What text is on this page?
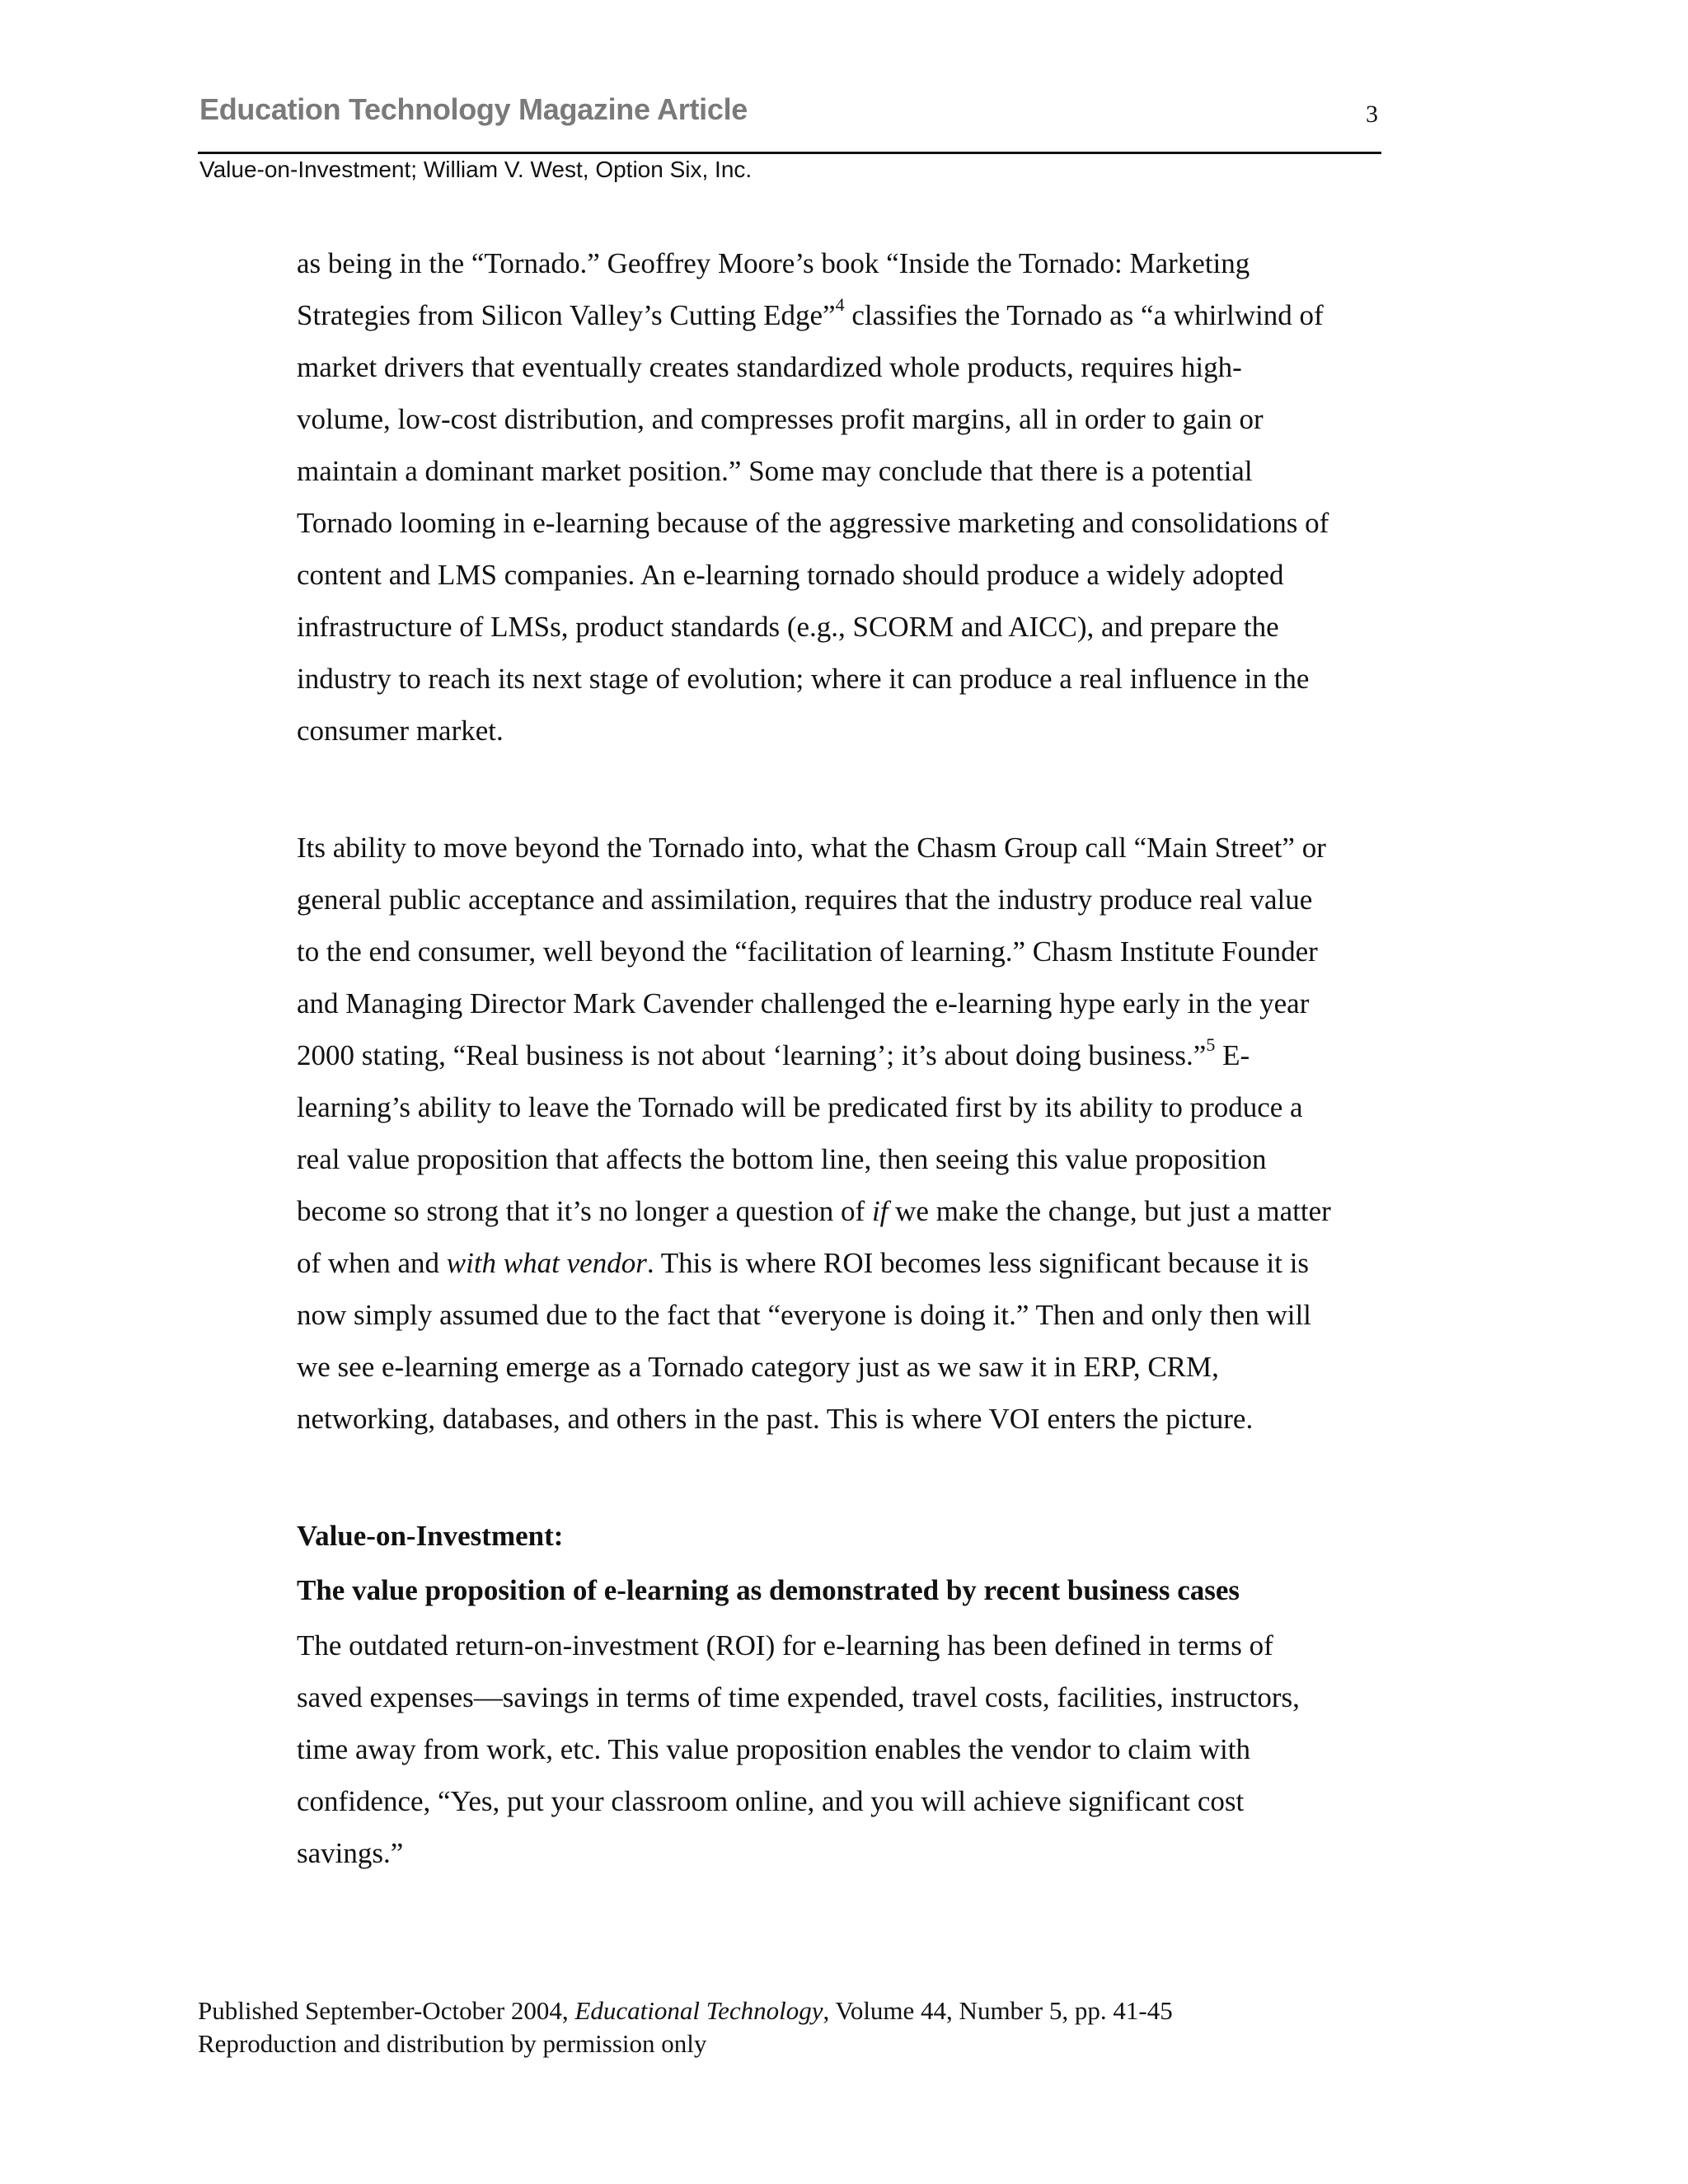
Education Technology Magazine Article	3
Value-on-Investment; William V. West, Option Six, Inc.
as being in the “Tornado.” Geoffrey Moore’s book “Inside the Tornado: Marketing
Strategies from Silicon Valley’s Cutting Edge”$^4$ classifies the Tornado as “a whirlwind of
market drivers that eventually creates standardized whole products, requires high-
volume, low-cost distribution, and compresses profit margins, all in order to gain or
maintain a dominant market position.” Some may conclude that there is a potential
Tornado looming in e-learning because of the aggressive marketing and consolidations of
content and LMS companies. An e-learning tornado should produce a widely adopted
infrastructure of LMSs, product standards (e.g., SCORM and AICC), and prepare the
industry to reach its next stage of evolution; where it can produce a real influence in the
consumer market.
Its ability to move beyond the Tornado into, what the Chasm Group call “Main Street” or
general public acceptance and assimilation, requires that the industry produce real value
to the end consumer, well beyond the “facilitation of learning.” Chasm Institute Founder
and Managing Director Mark Cavender challenged the e-learning hype early in the year
2000 stating, “Real business is not about ‘learning’; it’s about doing business.”$^5$ E-
learning’s ability to leave the Tornado will be predicated first by its ability to produce a
real value proposition that affects the bottom line, then seeing this value proposition
become so strong that it’s no longer a question of if we make the change, but just a matter
of when and with what vendor. This is where ROI becomes less significant because it is
now simply assumed due to the fact that “everyone is doing it.” Then and only then will
we see e-learning emerge as a Tornado category just as we saw it in ERP, CRM,
networking, databases, and others in the past. This is where VOI enters the picture.
Value-on-Investment:
The value proposition of e-learning as demonstrated by recent business cases
The outdated return-on-investment (ROI) for e-learning has been defined in terms of
saved expenses—savings in terms of time expended, travel costs, facilities, instructors,
time away from work, etc. This value proposition enables the vendor to claim with
confidence, “Yes, put your classroom online, and you will achieve significant cost
savings.”
Published September-October 2004, Educational Technology, Volume 44, Number 5, pp. 41-45
Reproduction and distribution by permission only
